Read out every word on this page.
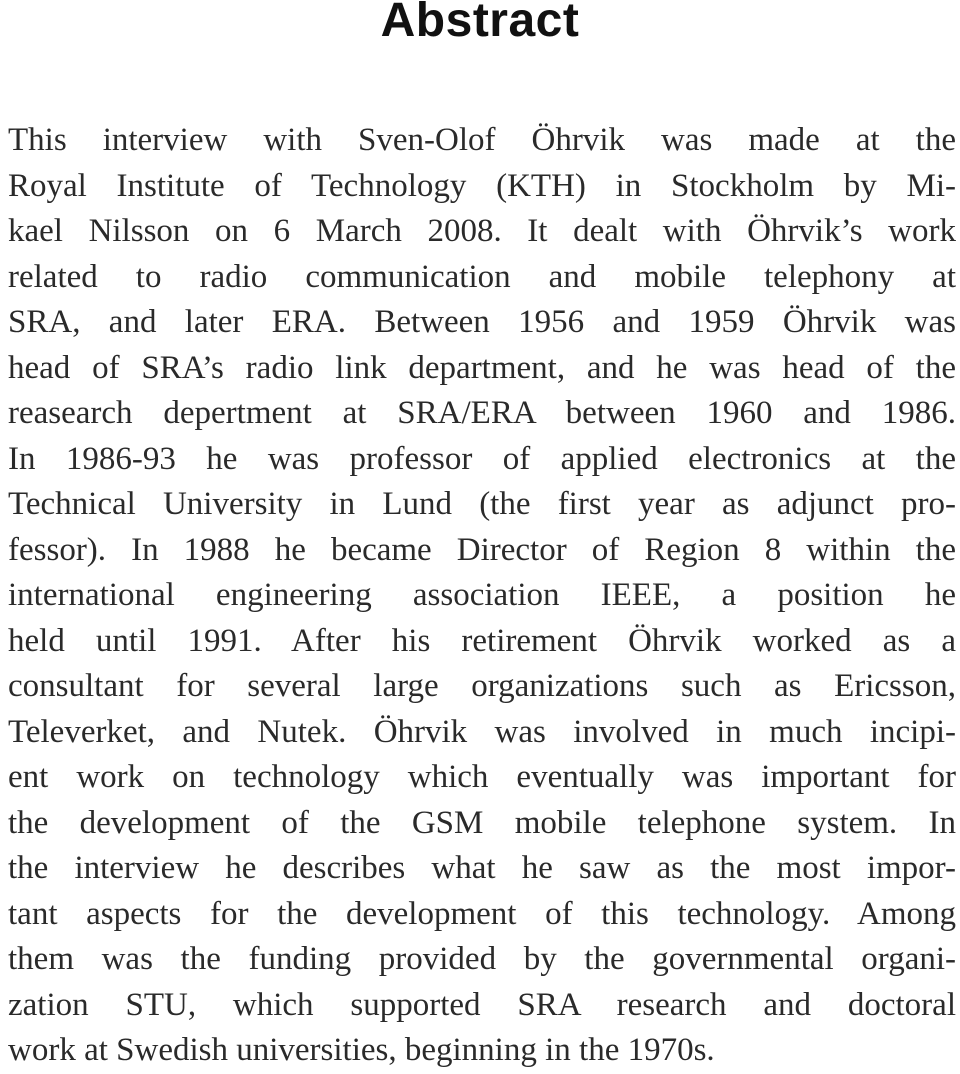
Abstract
This interview with Sven-Olof Öhrvik was made at the
Royal Institute of Technology (KTH) in Stockholm by Mi-
kael Nilsson on 6 March 2008. It dealt with Öhrvik’s work
related to radio communication and mobile telephony at
SRA, and later ERA. Between 1956 and 1959 Öhrvik was
head of SRA’s radio link department, and he was head of the
reasearch depertment at SRA/ERA between 1960 and 1986.
In 1986-93 he was professor of applied electronics at the
Technical University in Lund (the first year as adjunct pro-
fessor). In 1988 he became Director of Region 8 within the
international engineering association IEEE, a position he
held until 1991. After his retirement Öhrvik worked as a
consultant for several large organizations such as Ericsson,
Televerket, and Nutek. Öhrvik was involved in much incipi-
ent work on technology which eventually was important for
the development of the GSM mobile telephone system. In
the interview he describes what he saw as the most impor-
tant aspects for the development of this technology. Among
them was the funding provided by the governmental organi-
zation STU, which supported SRA research and doctoral
work at Swedish universities, beginning in the 1970s.
